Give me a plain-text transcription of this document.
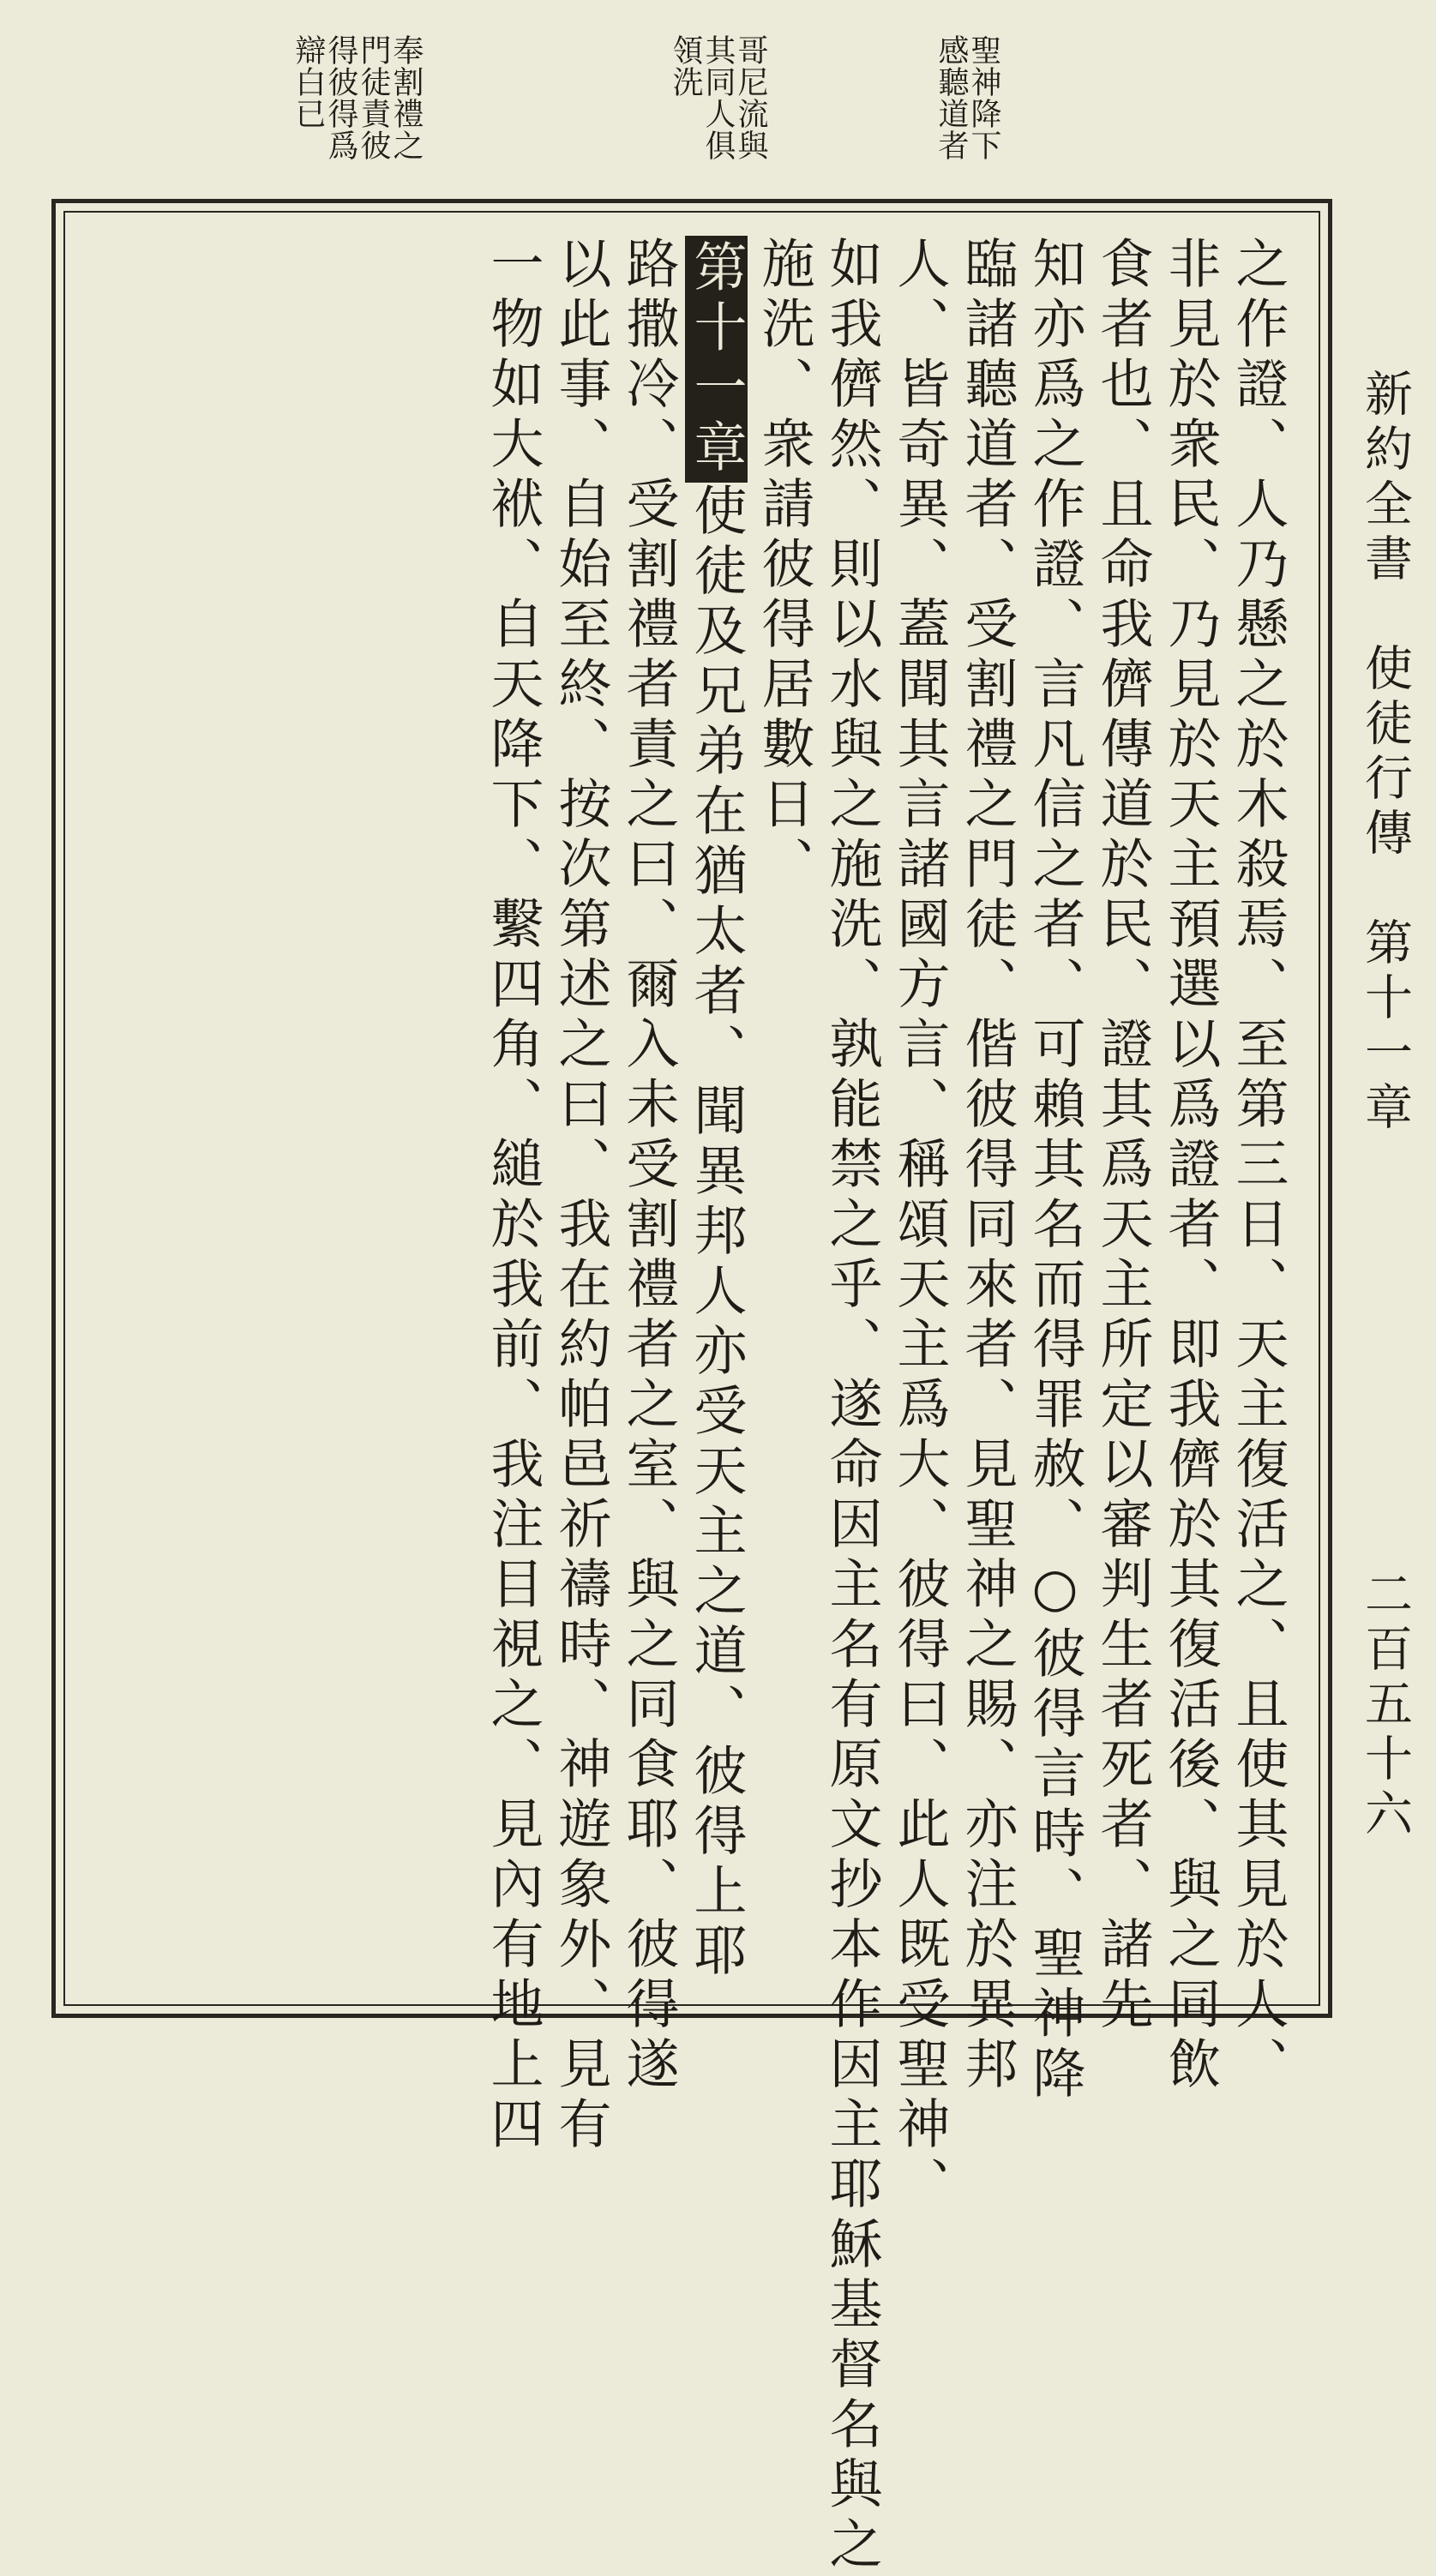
聖神降下
感聽道者
哥尼流與
其同人俱
領洗
奉割禮之
門徒責彼
得彼得爲
辯白已
新約全書　使徒行傳　第十一章
二百五十六
之作證、人乃懸之於木殺焉、至第三日、天主復活之、且使其見於人、
非見於衆民、乃見於天主預選以爲證者、即我儕於其復活後、與之同飲
食者也、且命我儕傳道於民、證其爲天主所定以審判生者死者、諸先
知亦爲之作證、言凡信之者、可賴其名而得罪赦、○彼得言時、聖神降
臨諸聽道者、受割禮之門徒、偕彼得同來者、見聖神之賜、亦注於異邦
人、皆奇異、蓋聞其言諸國方言、稱頌天主爲大、彼得曰、此人既受聖神、
如我儕然、則以水與之施洗、孰能禁之乎、遂命因主名有原文抄本作因主耶穌基督名與之
施洗、衆請彼得居數日、
第十一章使徒及兄弟在猶太者、聞異邦人亦受天主之道、彼得上耶
路撒冷、受割禮者責之曰、爾入未受割禮者之室、與之同食耶、彼得遂
以此事、自始至終、按次第述之曰、我在約帕邑祈禱時、神遊象外、見有
一物如大袱、自天降下、繫四角、縋於我前、我注目視之、見內有地上四
